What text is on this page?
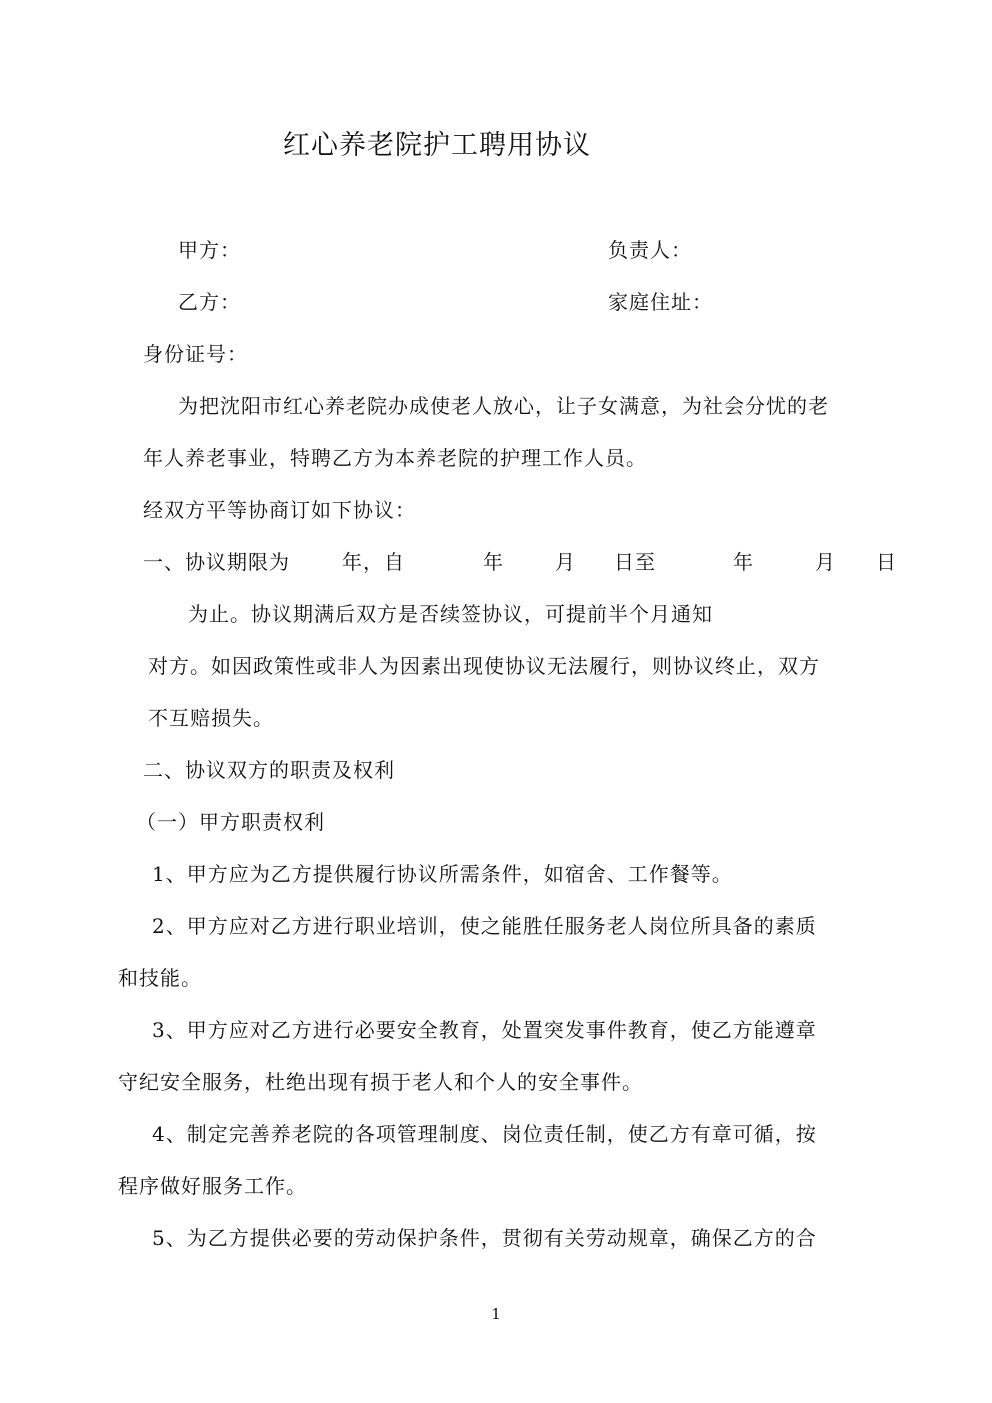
红心养老院护工聘用协议

甲方：	负责人：

乙方：	家庭住址：

身份证号：

为把沈阳市红心养老院办成使老人放心，让子女满意，为社会分忧的老

年人养老事业，特聘乙方为本养老院的护理工作人员。

经双方平等协商订如下协议：

一、协议期限为	年，自	年	月 日至	年	月 日

为止。协议期满后双方是否续签协议，可提前半个月通知

对方。如因政策性或非人为因素出现使协议无法履行，则协议终止，双方

不互赔损失。

二、协议双方的职责及权利

（一）甲方职责权利

1、甲方应为乙方提供履行协议所需条件，如宿舍、工作餐等。

2、甲方应对乙方进行职业培训，使之能胜任服务老人岗位所具备的素质

和技能。

3、甲方应对乙方进行必要安全教育，处置突发事件教育，使乙方能遵章

守纪安全服务，杜绝出现有损于老人和个人的安全事件。

4、制定完善养老院的各项管理制度、岗位责任制，使乙方有章可循，按

程序做好服务工作。

5、为乙方提供必要的劳动保护条件，贯彻有关劳动规章，确保乙方的合

1
